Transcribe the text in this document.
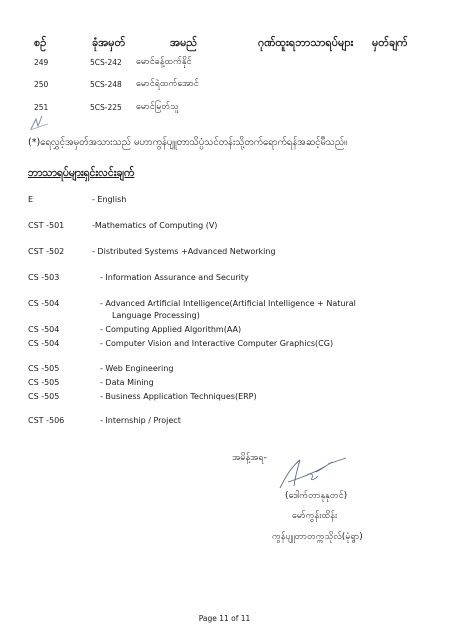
စဉ်	ခုံအမှတ်	အမည်	ဂုဏ်ထူးရဘာသာရပ်များ မှတ်ချက်
249	5CS-242 မောင်ခန့်ထက်နိုင်
250	5CS-248 မောင်ရဲထက်အောင်
251	5CS-225 မောင်မြတ်သူ
(*)ရေလွှင့်အမှတ်အသားသည် မဟာကွန်ပျူတာသိပ္ပံသင်တန်းသို့တက်ရောက်ရန်အဆင့်မီသည်။
ဘာသာရပ်များရှင်းလင်းချက်
E	- English
CST -501	-Mathematics of Computing (V)
CST -502	- Distributed Systems +Advanced Networking
CS -503	- Information Assurance and Security
CS -504	- Advanced Artificial Intelligence(Artificial Intelligence + Natural
Language Processing)
CS -504	- Computing Applied Algorithm(AA)
CS -504	- Computer Vision and Interactive Computer Graphics(CG)
CS -505	- Web Engineering
CS -505	- Data Mining
CS -505	- Business Application Techniques(ERP)
CST -506	- Internship / Project
အမိန့်အရ-
(ဒေါက်တာနုနုတင်)
မော်ကွန်းထိန်း
ကွန်ပျူတာတက္ကသိုလ်(မုံရွာ)
Page 11 of 11
